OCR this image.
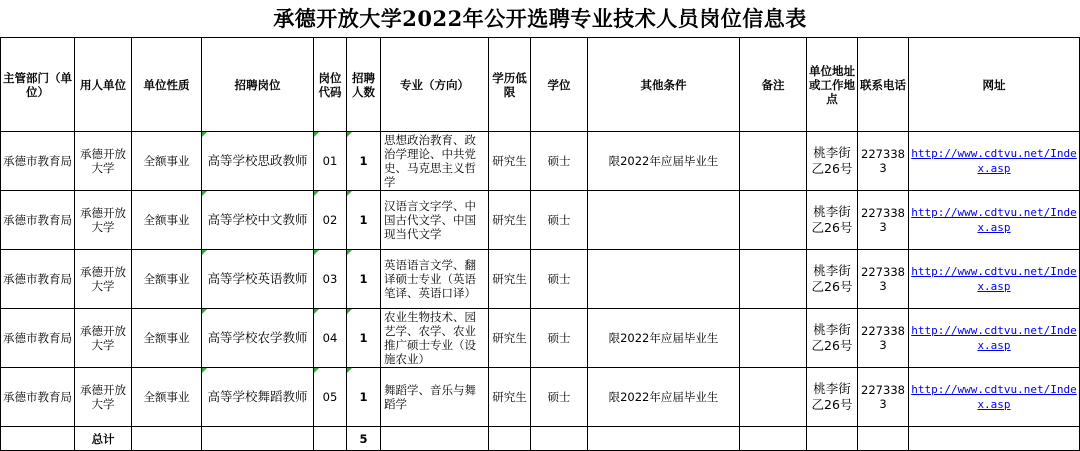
承德开放大学2022年公开选聘专业技术人员岗位信息表
主管部门（单位）	用人单位	单位性质	招聘岗位	岗位代码	招聘人数	专业（方向）	学历低限	学位	其他条件	备注	单位地址或工作地点	联系电话	网址
承德市教育局	承德开放大学	全额事业	高等学校思政教师	01	1	思想政治教育、政治学理论、中共党史、马克思主义哲学	研究生	硕士	限2022年应届毕业生		桃李街乙26号	2273383	http://www.cdtvu.net/Index.asp
承德市教育局	承德开放大学	全额事业	高等学校中文教师	02	1	汉语言文字学、中国古代文学、中国现当代文学	研究生	硕士			桃李街乙26号	2273383	http://www.cdtvu.net/Index.asp
承德市教育局	承德开放大学	全额事业	高等学校英语教师	03	1	英语语言文学、翻译硕士专业（英语笔译、英语口译）	研究生	硕士			桃李街乙26号	2273383	http://www.cdtvu.net/Index.asp
承德市教育局	承德开放大学	全额事业	高等学校农学教师	04	1	农业生物技术、园艺学、农学、农业推广硕士专业（设施农业）	研究生	硕士	限2022年应届毕业生		桃李街乙26号	2273383	http://www.cdtvu.net/Index.asp
承德市教育局	承德开放大学	全额事业	高等学校舞蹈教师	05	1	舞蹈学、音乐与舞蹈学	研究生	硕士	限2022年应届毕业生		桃李街乙26号	2273383	http://www.cdtvu.net/Index.asp
	总计				5								
